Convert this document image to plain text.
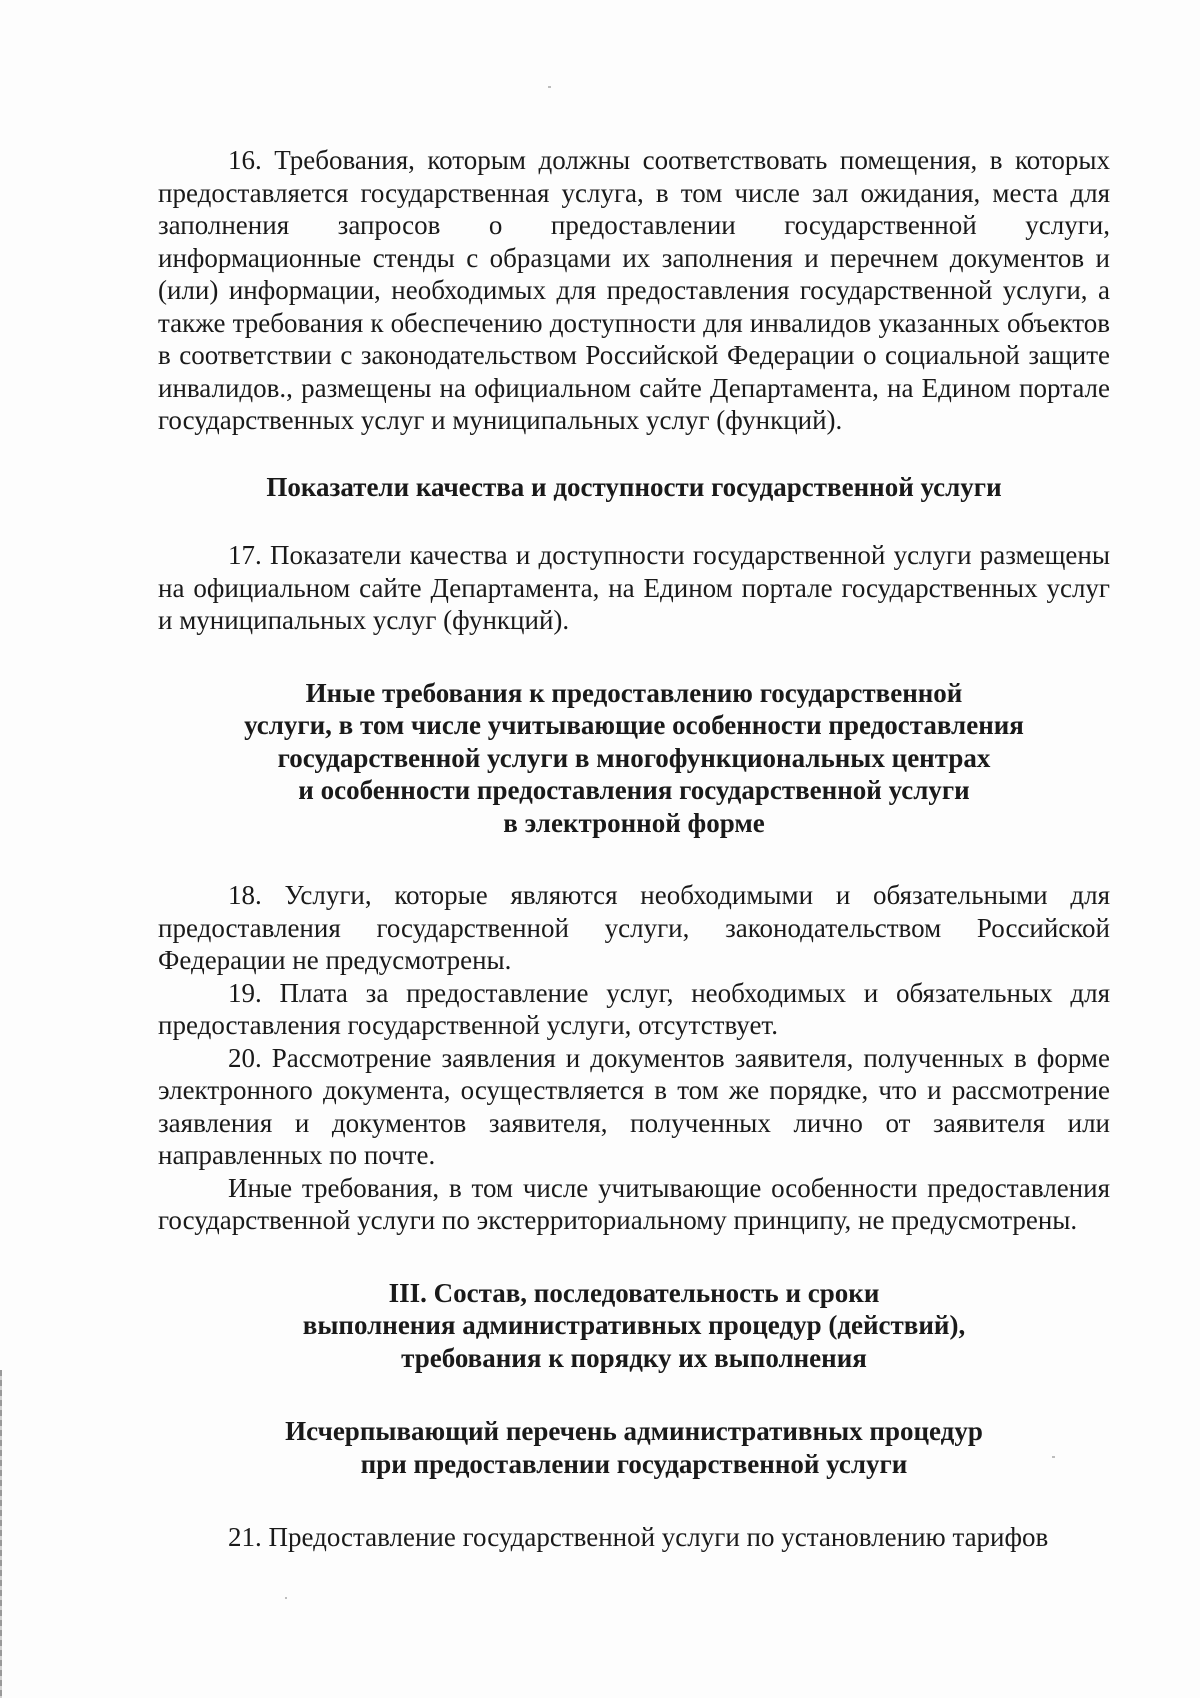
16. Требования, которым должны соответствовать помещения, в которых предоставляется государственная услуга, в том числе зал ожидания, места для заполнения запросов о предоставлении государственной услуги, информационные стенды с образцами их заполнения и перечнем документов и (или) информации, необходимых для предоставления государственной услуги, а также требования к обеспечению доступности для инвалидов указанных объектов в соответствии с законодательством Российской Федерации о социальной защите инвалидов., размещены на официальном сайте Департамента, на Едином портале государственных услуг и муниципальных услуг (функций).

Показатели качества и доступности государственной услуги

17. Показатели качества и доступности государственной услуги размещены на официальном сайте Департамента, на Едином портале государственных услуг и муниципальных услуг (функций).

Иные требования к предоставлению государственной
услуги, в том числе учитывающие особенности предоставления
государственной услуги в многофункциональных центрах
и особенности предоставления государственной услуги
в электронной форме

18. Услуги, которые являются необходимыми и обязательными для предоставления государственной услуги, законодательством Российской Федерации не предусмотрены.

19. Плата за предоставление услуг, необходимых и обязательных для предоставления государственной услуги, отсутствует.

20. Рассмотрение заявления и документов заявителя, полученных в форме электронного документа, осуществляется в том же порядке, что и рассмотрение заявления и документов заявителя, полученных лично от заявителя или направленных по почте.

Иные требования, в том числе учитывающие особенности предоставления государственной услуги по экстерриториальному принципу, не предусмотрены.

III. Состав, последовательность и сроки
выполнения административных процедур (действий),
требования к порядку их выполнения
Исчерпывающий перечень административных процедур
при предоставлении государственной услуги

21. Предоставление государственной услуги по установлению тарифов
